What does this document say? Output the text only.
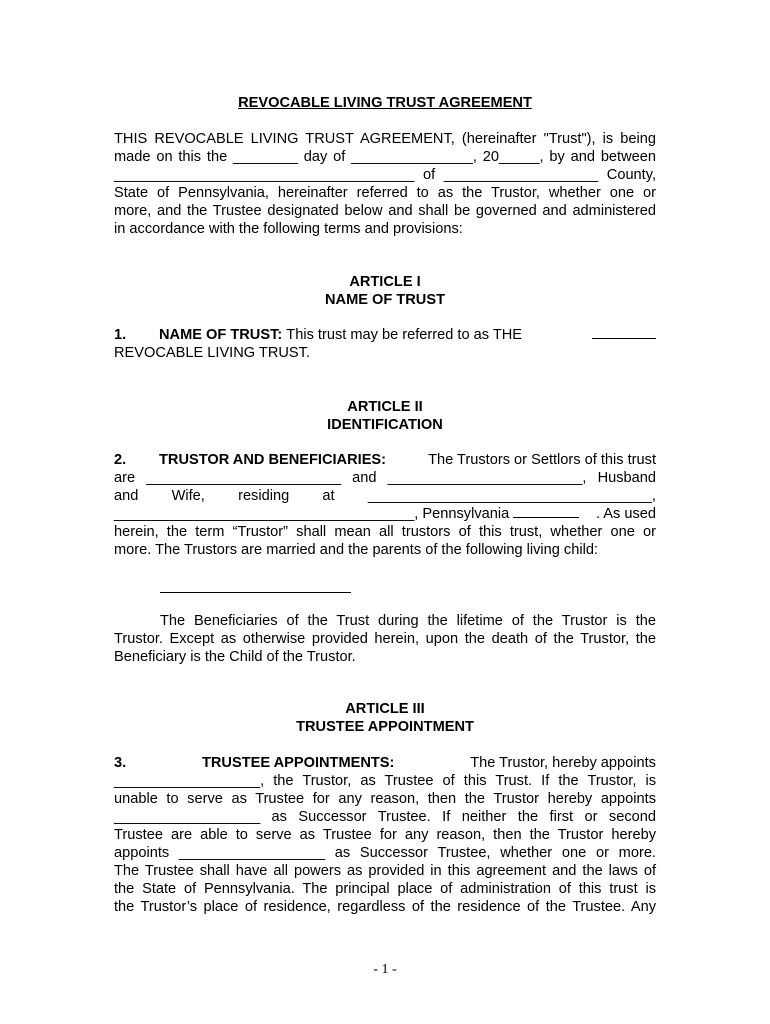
REVOCABLE LIVING TRUST AGREEMENT
THIS REVOCABLE LIVING TRUST AGREEMENT, (hereinafter "Trust"), is being
made on this the ________ day of _______________, 20_____, by and between
_____________________________________ of ___________________ County,
State of Pennsylvania, hereinafter referred to as the Trustor, whether one or
more, and the Trustee designated below and shall be governed and administered
in accordance with the following terms and provisions:
ARTICLE I
NAME OF TRUST
1. NAME OF TRUST: This trust may be referred to as THE
REVOCABLE LIVING TRUST.
ARTICLE II
IDENTIFICATION
2. TRUSTOR AND BENEFICIARIES:	The Trustors or Settlors of this trust
are ________________________ and ________________________, Husband
and Wife, residing at ___________________________________,
_____________________________________, Pennsylvania	. As used
herein, the term “Trustor” shall mean all trustors of this trust, whether one or
more. The Trustors are married and the parents of the following living child:
The Beneficiaries of the Trust during the lifetime of the Trustor is the
Trustor. Except as otherwise provided herein, upon the death of the Trustor, the
Beneficiary is the Child of the Trustor.
ARTICLE III
TRUSTEE APPOINTMENT
3.	TRUSTEE APPOINTMENTS:	The Trustor, hereby appoints
__________________, the Trustor, as Trustee of this Trust. If the Trustor, is
unable to serve as Trustee for any reason, then the Trustor hereby appoints
__________________ as Successor Trustee. If neither the first or second
Trustee are able to serve as Trustee for any reason, then the Trustor hereby
appoints __________________ as Successor Trustee, whether one or more.
The Trustee shall have all powers as provided in this agreement and the laws of
the State of Pennsylvania. The principal place of administration of this trust is
the Trustor’s place of residence, regardless of the residence of the Trustee. Any
- 1 -
